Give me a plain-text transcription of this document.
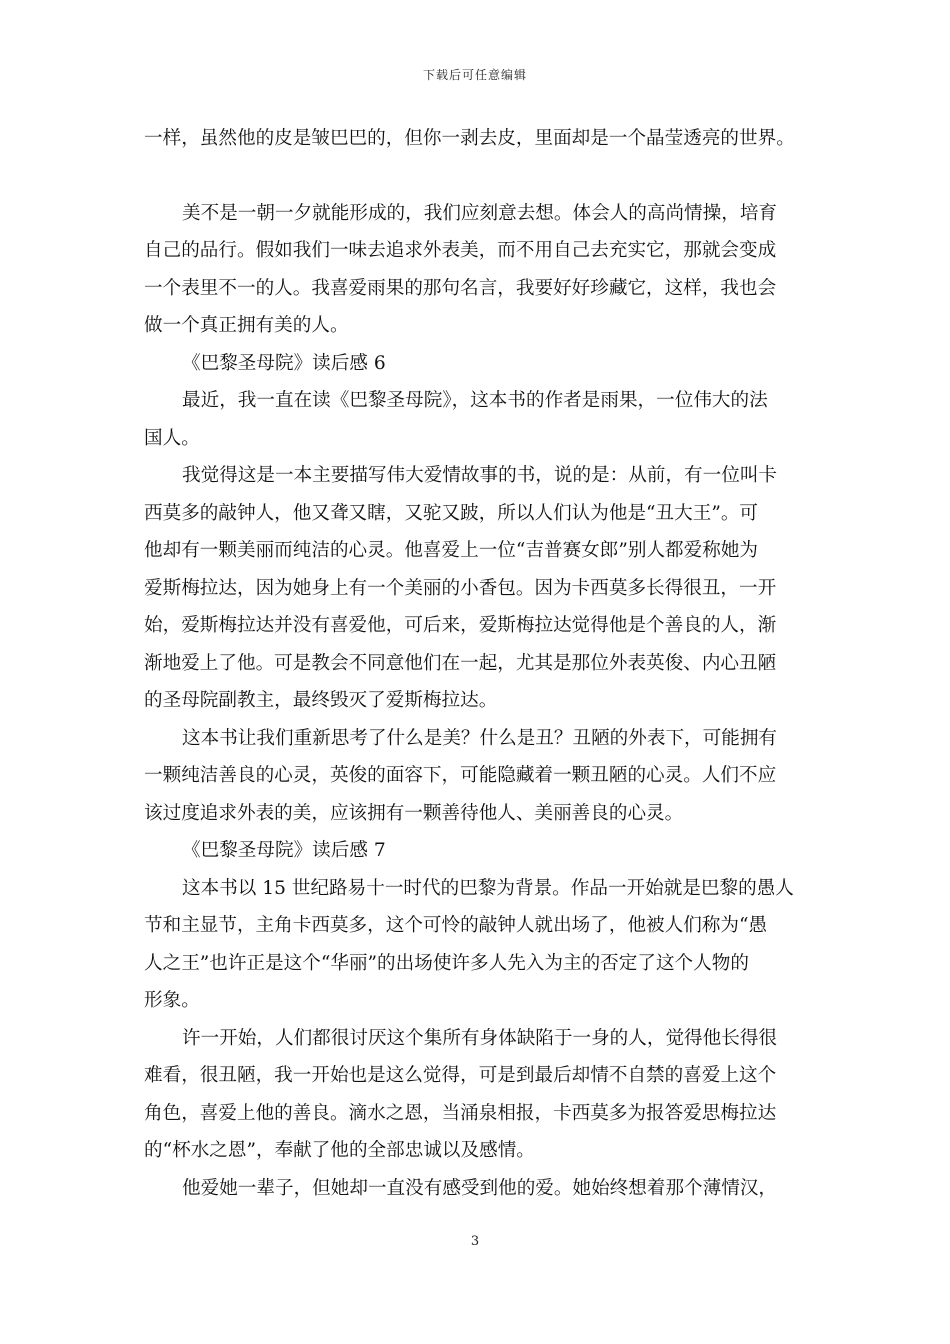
下载后可任意编辑
一样，虽然他的皮是皱巴巴的，但你一剥去皮，里面却是一个晶莹透亮的世界。
美不是一朝一夕就能形成的，我们应刻意去想。体会人的高尚情操，培育
自己的品行。假如我们一味去追求外表美，而不用自己去充实它，那就会变成
一个表里不一的人。我喜爱雨果的那句名言，我要好好珍藏它，这样，我也会
做一个真正拥有美的人。
《巴黎圣母院》读后感 6
最近，我一直在读《巴黎圣母院》，这本书的作者是雨果，一位伟大的法
国人。
我觉得这是一本主要描写伟大爱情故事的书，说的是：从前，有一位叫卡
西莫多的敲钟人，他又聋又瞎，又驼又跛，所以人们认为他是“丑大王”。可
他却有一颗美丽而纯洁的心灵。他喜爱上一位“吉普赛女郎”别人都爱称她为
爱斯梅拉达，因为她身上有一个美丽的小香包。因为卡西莫多长得很丑，一开
始，爱斯梅拉达并没有喜爱他，可后来，爱斯梅拉达觉得他是个善良的人，渐
渐地爱上了他。可是教会不同意他们在一起，尤其是那位外表英俊、内心丑陋
的圣母院副教主，最终毁灭了爱斯梅拉达。
这本书让我们重新思考了什么是美？什么是丑？丑陋的外表下，可能拥有
一颗纯洁善良的心灵，英俊的面容下，可能隐藏着一颗丑陋的心灵。人们不应
该过度追求外表的美，应该拥有一颗善待他人、美丽善良的心灵。
《巴黎圣母院》读后感 7
这本书以 15 世纪路易十一时代的巴黎为背景。作品一开始就是巴黎的愚人
节和主显节，主角卡西莫多，这个可怜的敲钟人就出场了，他被人们称为“愚
人之王”也许正是这个“华丽”的出场使许多人先入为主的否定了这个人物的
形象。
许一开始，人们都很讨厌这个集所有身体缺陷于一身的人，觉得他长得很
难看，很丑陋，我一开始也是这么觉得，可是到最后却情不自禁的喜爱上这个
角色，喜爱上他的善良。滴水之恩，当涌泉相报，卡西莫多为报答爱思梅拉达
的“杯水之恩”，奉献了他的全部忠诚以及感情。
他爱她一辈子，但她却一直没有感受到他的爱。她始终想着那个薄情汉，
3
